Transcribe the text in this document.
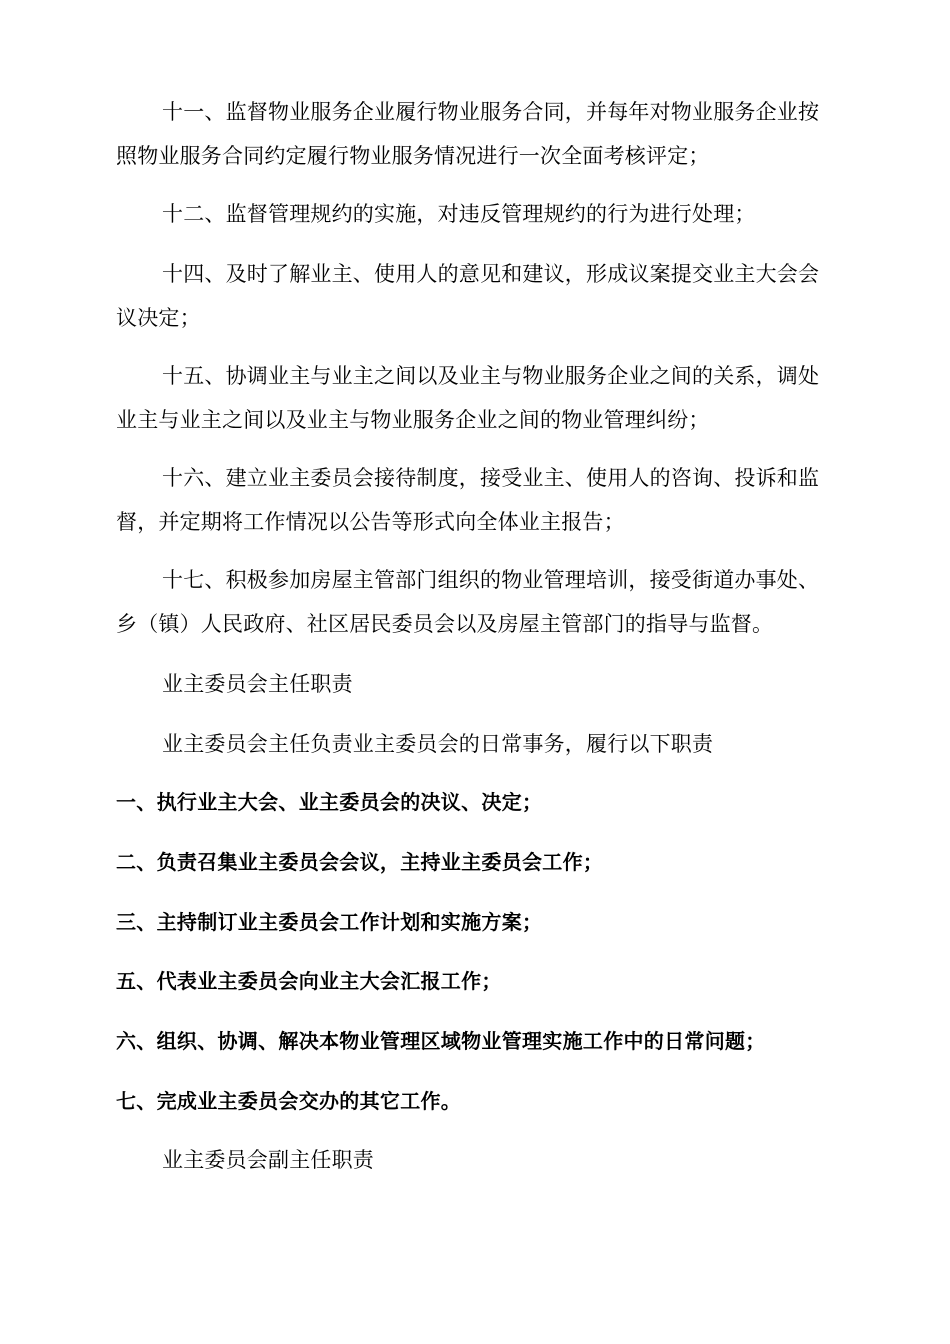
十一、监督物业服务企业履行物业服务合同，并每年对物业服务企业按照物业服务合同约定履行物业服务情况进行一次全面考核评定；

十二、监督管理规约的实施，对违反管理规约的行为进行处理；

十四、及时了解业主、使用人的意见和建议，形成议案提交业主大会会议决定；

十五、协调业主与业主之间以及业主与物业服务企业之间的关系，调处业主与业主之间以及业主与物业服务企业之间的物业管理纠纷；

十六、建立业主委员会接待制度，接受业主、使用人的咨询、投诉和监督，并定期将工作情况以公告等形式向全体业主报告；

十七、积极参加房屋主管部门组织的物业管理培训，接受街道办事处、乡（镇）人民政府、社区居民委员会以及房屋主管部门的指导与监督。

业主委员会主任职责

业主委员会主任负责业主委员会的日常事务，履行以下职责

一、执行业主大会、业主委员会的决议、决定；

二、负责召集业主委员会会议，主持业主委员会工作；

三、主持制订业主委员会工作计划和实施方案；

五、代表业主委员会向业主大会汇报工作；

六、组织、协调、解决本物业管理区域物业管理实施工作中的日常问题；

七、完成业主委员会交办的其它工作。

业主委员会副主任职责
